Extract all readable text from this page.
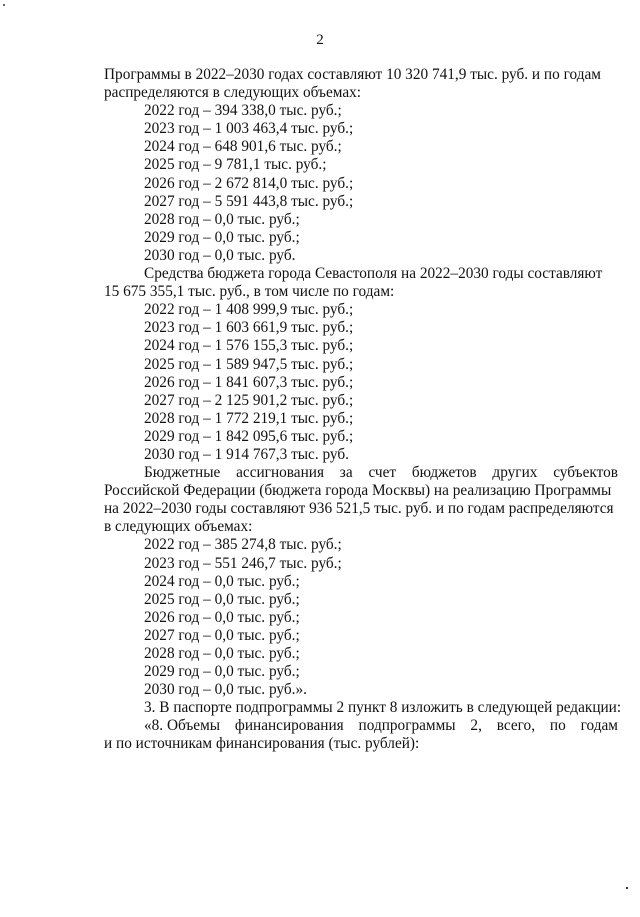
2
Программы в 2022–2030 годах составляют 10 320 741,9 тыс. руб. и по годам

распределяются в следующих объемах:

2022 год – 394 338,0 тыс. руб.;

2023 год – 1 003 463,4 тыс. руб.;

2024 год – 648 901,6 тыс. руб.;

2025 год – 9 781,1 тыс. руб.;

2026 год – 2 672 814,0 тыс. руб.;

2027 год – 5 591 443,8 тыс. руб.;

2028 год – 0,0 тыс. руб.;

2029 год – 0,0 тыс. руб.;

2030 год – 0,0 тыс. руб.

Средства бюджета города Севастополя на 2022–2030 годы составляют

15 675 355,1 тыс. руб., в том числе по годам:

2022 год – 1 408 999,9 тыс. руб.;

2023 год – 1 603 661,9 тыс. руб.;

2024 год – 1 576 155,3 тыс. руб.;

2025 год – 1 589 947,5 тыс. руб.;

2026 год – 1 841 607,3 тыс. руб.;

2027 год – 2 125 901,2 тыс. руб.;

2028 год – 1 772 219,1 тыс. руб.;

2029 год – 1 842 095,6 тыс. руб.;

2030 год – 1 914 767,3 тыс. руб.

Бюджетные ассигнования за счет бюджетов других субъектов
Российской Федерации (бюджета города Москвы) на реализацию Программы
на 2022–2030 годы составляют 936 521,5 тыс. руб. и по годам распределяются

в следующих объемах:

2022 год – 385 274,8 тыс. руб.;

2023 год – 551 246,7 тыс. руб.;

2024 год – 0,0 тыс. руб.;

2025 год – 0,0 тыс. руб.;

2026 год – 0,0 тыс. руб.;

2027 год – 0,0 тыс. руб.;

2028 год – 0,0 тыс. руб.;

2029 год – 0,0 тыс. руб.;

2030 год – 0,0 тыс. руб.».

3. В паспорте подпрограммы 2 пункт 8 изложить в следующей редакции:

«8. Объемы финансирования подпрограммы 2, всего, по годам

и по источникам финансирования (тыс. рублей):
